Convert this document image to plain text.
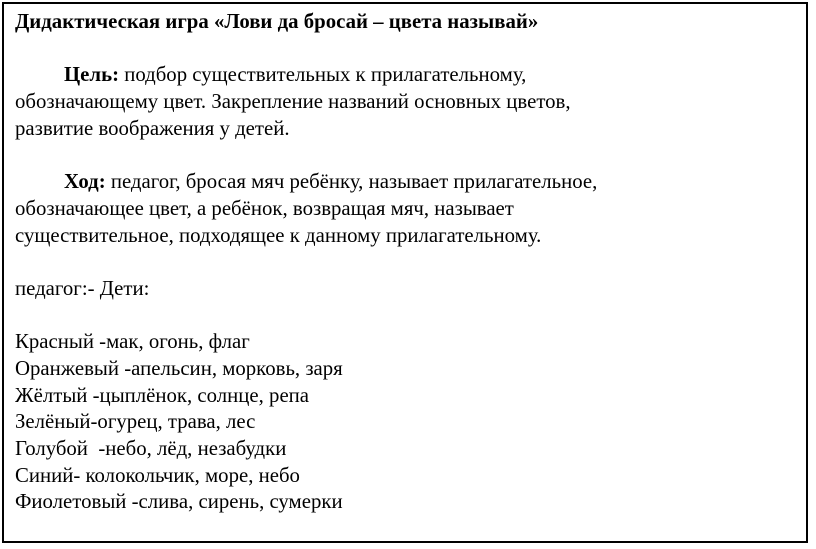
Дидактическая игра «Лови да бросай – цвета называй»
Цель: подбор существительных к прилагательному,
обозначающему цвет. Закрепление названий основных цветов,
развитие воображения у детей.
Ход: педагог, бросая мяч ребёнку, называет прилагательное,
обозначающее цвет, а ребёнок, возвращая мяч, называет
существительное, подходящее к данному прилагательному.
педагог:- Дети:
Красный -мак, огонь, флаг
Оранжевый -апельсин, морковь, заря
Жёлтый -цыплёнок, солнце, репа
Зелёный-огурец, трава, лес
Голубой  -небо, лёд, незабудки
Синий- колокольчик, море, небо
Фиолетовый -слива, сирень, сумерки
